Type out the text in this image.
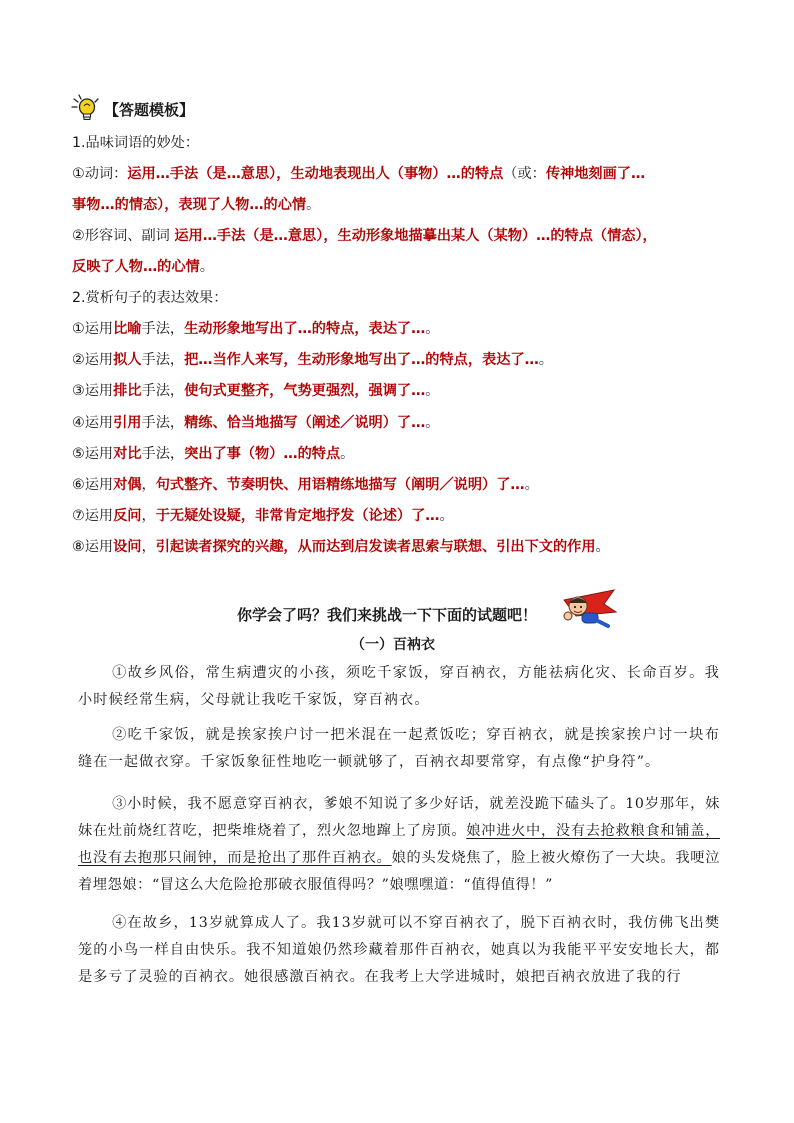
【答题模板】
1.品味词语的妙处：
①动词：运用…手法（是…意思），生动地表现出人（事物）…的特点（或：传神地刻画了…
事物…的情态），表现了人物…的心情。
②形容词、副词 运用…手法（是…意思），生动形象地描摹出某人（某物）…的特点（情态），
反映了人物…的心情。
2.赏析句子的表达效果：
①运用比喻手法，生动形象地写出了…的特点，表达了…。
②运用拟人手法，把…当作人来写，生动形象地写出了…的特点，表达了…。
③运用排比手法，使句式更整齐，气势更强烈，强调了…。
④运用引用手法，精练、恰当地描写（阐述／说明）了…。
⑤运用对比手法，突出了事（物）…的特点。
⑥运用对偶，句式整齐、节奏明快、用语精练地描写（阐明／说明）了…。
⑦运用反问，于无疑处设疑，非常肯定地抒发（论述）了…。
⑧运用设问，引起读者探究的兴趣，从而达到启发读者思索与联想、引出下文的作用。
你学会了吗？我们来挑战一下下面的试题吧！
（一）百衲衣
①故乡风俗，常生病遭灾的小孩，须吃千家饭，穿百衲衣，方能祛病化灾、长命百岁。我小时候经常生病，父母就让我吃千家饭，穿百衲衣。
②吃千家饭，就是挨家挨户讨一把米混在一起煮饭吃；穿百衲衣，就是挨家挨户讨一块布缝在一起做衣穿。千家饭象征性地吃一顿就够了，百衲衣却要常穿，有点像“护身符”。
③小时候，我不愿意穿百衲衣，爹娘不知说了多少好话，就差没跪下磕头了。10岁那年，妹妹在灶前烧红苕吃，把柴堆烧着了，烈火忽地蹿上了房顶。娘冲进火中，没有去抢救粮食和铺盖，也没有去抱那只闹钟，而是抢出了那件百衲衣。娘的头发烧焦了，脸上被火燎伤了一大块。我哽泣着埋怨娘：“冒这么大危险抢那破衣服值得吗？”娘嘿嘿道：“值得值得！”
④在故乡，13岁就算成人了。我13岁就可以不穿百衲衣了，脱下百衲衣时，我仿佛飞出樊笼的小鸟一样自由快乐。我不知道娘仍然珍藏着那件百衲衣，她真以为我能平平安安地长大，都是多亏了灵验的百衲衣。她很感激百衲衣。在我考上大学进城时，娘把百衲衣放进了我的行
